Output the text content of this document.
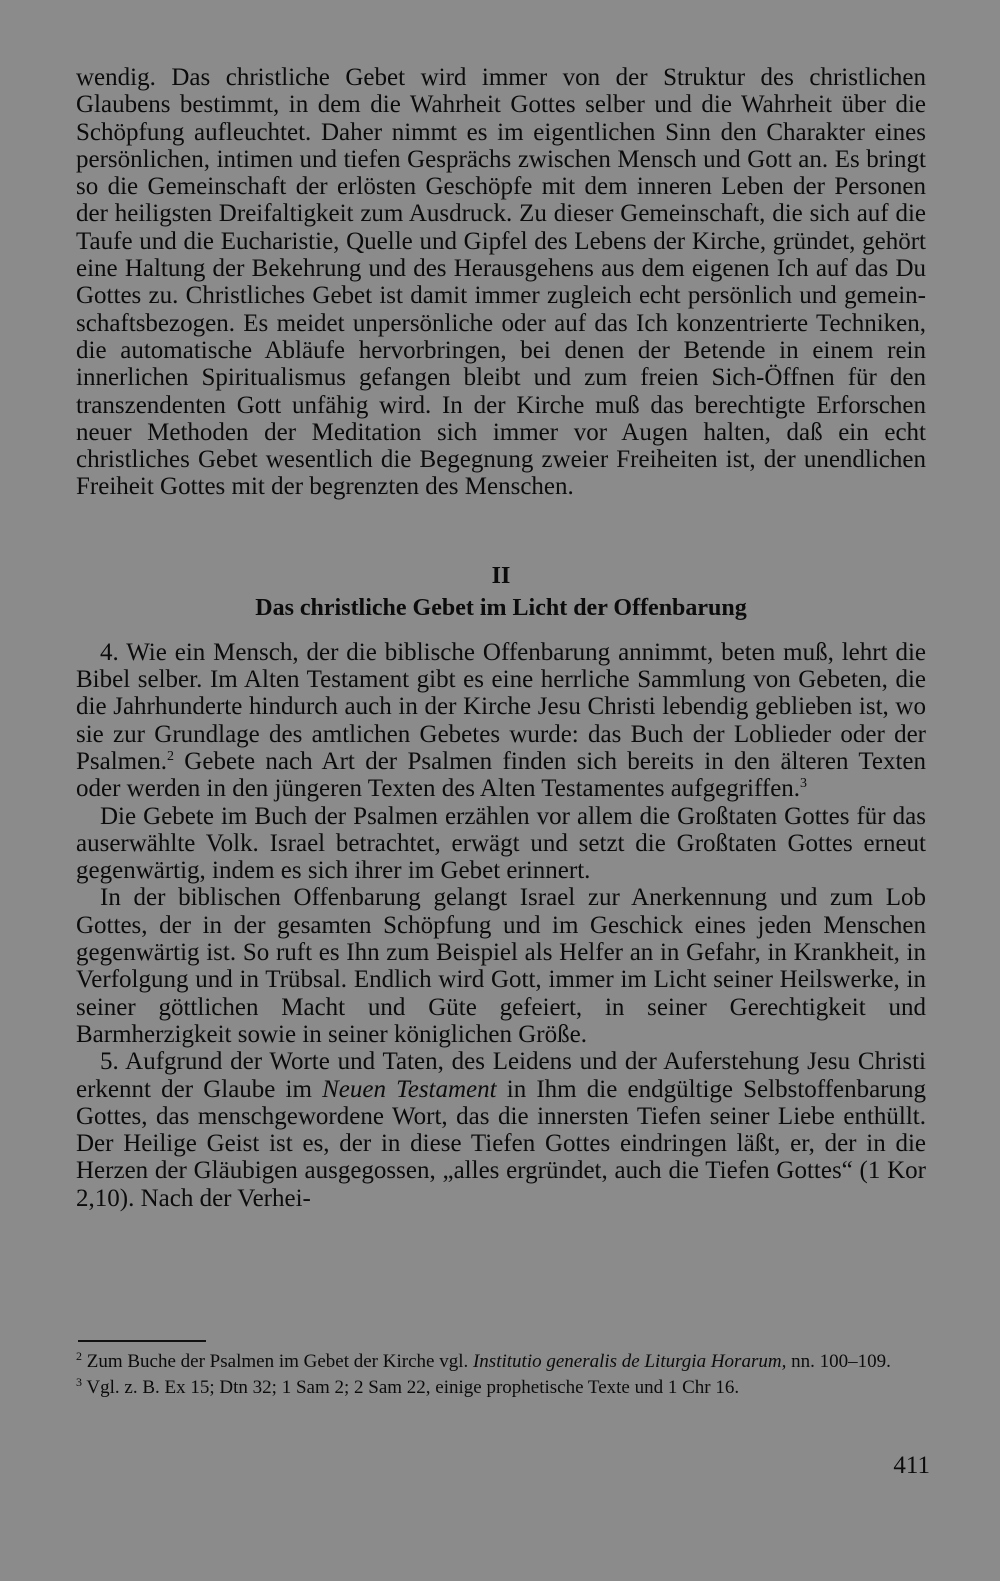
wendig. Das christliche Gebet wird immer von der Struktur des christlichen Glaubens bestimmt, in dem die Wahrheit Gottes selber und die Wahrheit über die Schöpfung aufleuchtet. Daher nimmt es im eigentlichen Sinn den Charakter eines persönlichen, intimen und tiefen Gesprächs zwischen Mensch und Gott an. Es bringt so die Gemeinschaft der erlösten Geschöpfe mit dem inneren Leben der Personen der heiligsten Dreifaltigkeit zum Ausdruck. Zu dieser Gemeinschaft, die sich auf die Taufe und die Eucharistie, Quelle und Gipfel des Lebens der Kirche, gründet, gehört eine Haltung der Bekehrung und des Herausgehens aus dem eigenen Ich auf das Du Gottes zu. Christliches Gebet ist damit immer zugleich echt persönlich und gemeinschaftsbezogen. Es meidet unpersönliche oder auf das Ich konzentrierte Techniken, die automatische Abläufe hervorbringen, bei denen der Betende in einem rein innerlichen Spiritualismus gefangen bleibt und zum freien Sich-Öffnen für den transzendenten Gott unfähig wird. In der Kirche muß das berechtigte Erforschen neuer Methoden der Meditation sich immer vor Augen halten, daß ein echt christliches Gebet wesentlich die Begegnung zweier Freiheiten ist, der unendlichen Freiheit Gottes mit der begrenzten des Menschen.

II
Das christliche Gebet im Licht der Offenbarung

4. Wie ein Mensch, der die biblische Offenbarung annimmt, beten muß, lehrt die Bibel selber. Im Alten Testament gibt es eine herrliche Sammlung von Gebeten, die die Jahrhunderte hindurch auch in der Kirche Jesu Christi lebendig geblieben ist, wo sie zur Grundlage des amtlichen Gebetes wurde: das Buch der Loblieder oder der Psalmen.$^2$ Gebete nach Art der Psalmen finden sich bereits in den älteren Texten oder werden in den jüngeren Texten des Alten Testamentes aufgegriffen.$^3$

Die Gebete im Buch der Psalmen erzählen vor allem die Großtaten Gottes für das auserwählte Volk. Israel betrachtet, erwägt und setzt die Großtaten Gottes erneut gegenwärtig, indem es sich ihrer im Gebet erinnert.

In der biblischen Offenbarung gelangt Israel zur Anerkennung und zum Lob Gottes, der in der gesamten Schöpfung und im Geschick eines jeden Menschen gegenwärtig ist. So ruft es Ihn zum Beispiel als Helfer an in Gefahr, in Krankheit, in Verfolgung und in Trübsal. Endlich wird Gott, immer im Licht seiner Heilswerke, in seiner göttlichen Macht und Güte gefeiert, in seiner Gerechtigkeit und Barmherzigkeit sowie in seiner königlichen Größe.

5. Aufgrund der Worte und Taten, des Leidens und der Auferstehung Jesu Christi erkennt der Glaube im Neuen Testament in Ihm die endgültige Selbstoffenbarung Gottes, das menschgewordene Wort, das die innersten Tiefen seiner Liebe enthüllt. Der Heilige Geist ist es, der in diese Tiefen Gottes eindringen läßt, er, der in die Herzen der Gläubigen ausgegossen, „alles ergründet, auch die Tiefen Gottes“ (1 Kor 2,10). Nach der Verhei-

$^2$ Zum Buche der Psalmen im Gebet der Kirche vgl. Institutio generalis de Liturgia Horarum, nn. 100–109.

$^3$ Vgl. z. B. Ex 15; Dtn 32; 1 Sam 2; 2 Sam 22, einige prophetische Texte und 1 Chr 16.

411
